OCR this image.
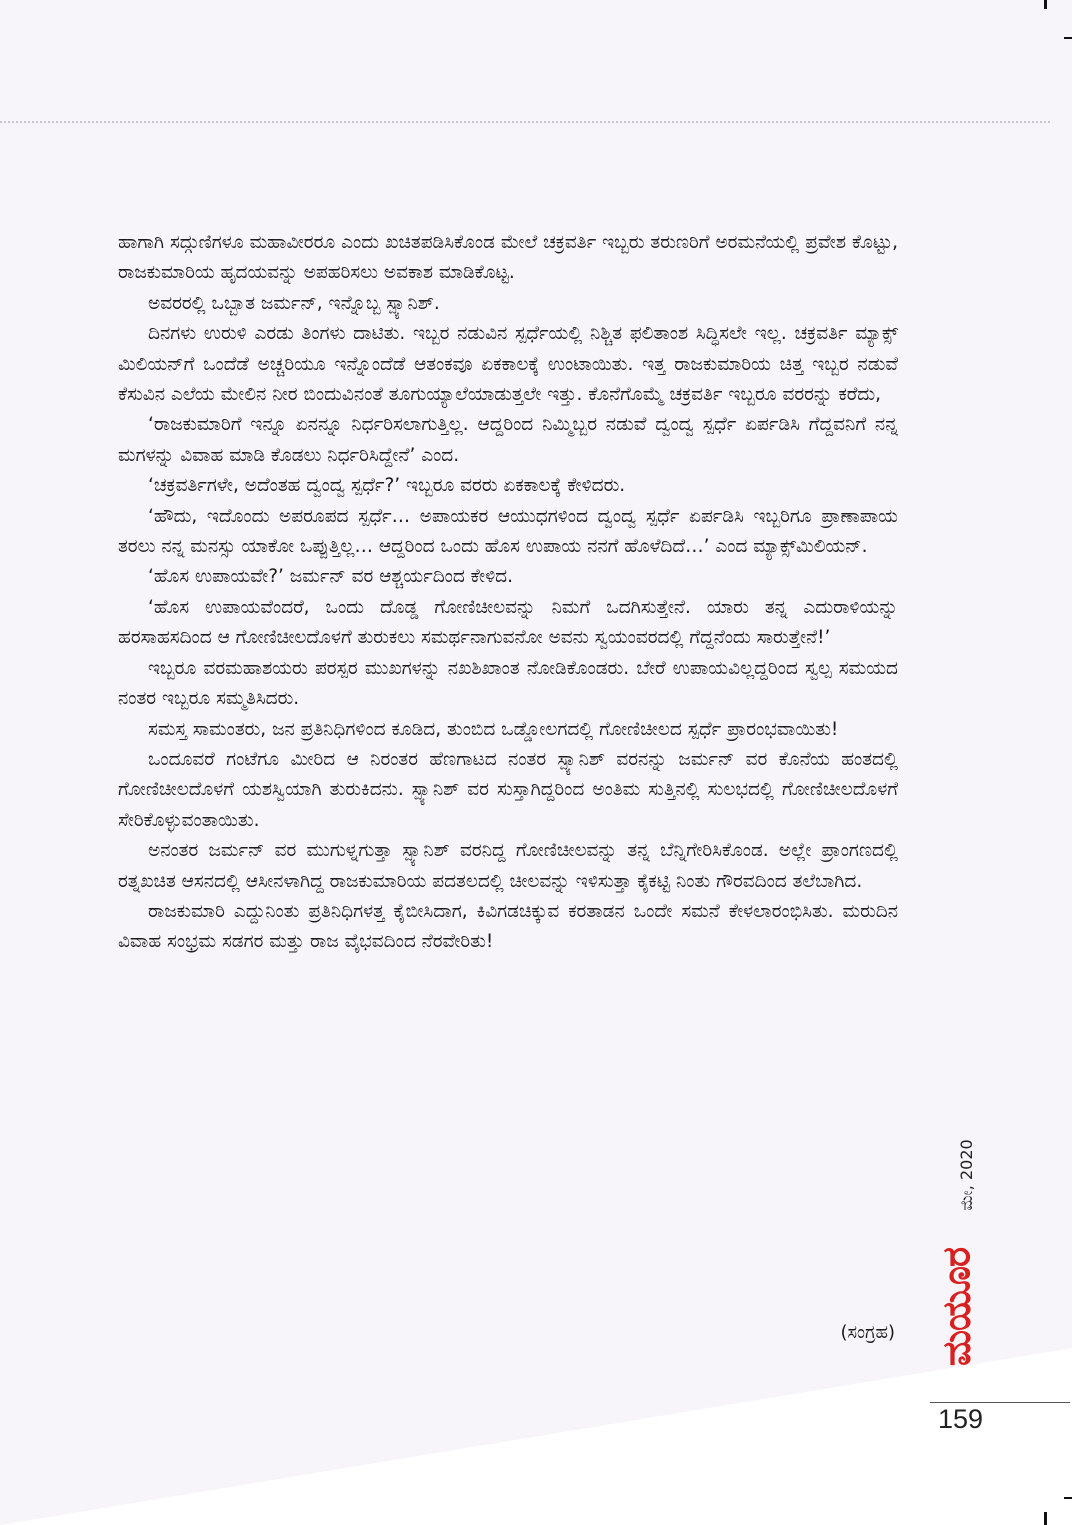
ಹಾಗಾಗಿ ಸದ್ಗುಣಿಗಳೂ ಮಹಾವೀರರೂ ಎಂದು ಖಚಿತಪಡಿಸಿಕೊಂಡ ಮೇಲೆ ಚಕ್ರವರ್ತಿ ಇಬ್ಬರು ತರುಣರಿಗೆ ಅರಮನೆಯಲ್ಲಿ ಪ್ರವೇಶ ಕೊಟ್ಟು, ರಾಜಕುಮಾರಿಯ ಹೃದಯವನ್ನು ಅಪಹರಿಸಲು ಅವಕಾಶ ಮಾಡಿಕೊಟ್ಟ.

ಅವರರಲ್ಲಿ ಒಬ್ಬಾತ ಜರ್ಮನ್, ಇನ್ನೊಬ್ಬ ಸ್ಪ್ಯಾನಿಶ್.

ದಿನಗಳು ಉರುಳಿ ಎರಡು ತಿಂಗಳು ದಾಟಿತು. ಇಬ್ಬರ ನಡುವಿನ ಸ್ಪರ್ಧೆಯಲ್ಲಿ ನಿಶ್ಚಿತ ಫಲಿತಾಂಶ ಸಿದ್ಧಿಸಲೇ ಇಲ್ಲ. ಚಕ್ರವರ್ತಿ ಮ್ಯಾಕ್ಸ್ ಮಿಲಿಯನ್‌ಗೆ ಒಂದೆಡೆ ಅಚ್ಚರಿಯೂ ಇನ್ನೊಂದೆಡೆ ಆತಂಕವೂ ಏಕಕಾಲಕ್ಕೆ ಉಂಟಾಯಿತು. ಇತ್ತ ರಾಜಕುಮಾರಿಯ ಚಿತ್ತ ಇಬ್ಬರ ನಡುವೆ ಕೆಸುವಿನ ಎಲೆಯ ಮೇಲಿನ ನೀರ ಬಿಂದುವಿನಂತೆ ತೂಗುಯ್ಯಾಲೆಯಾಡುತ್ತಲೇ ಇತ್ತು. ಕೊನೆಗೊಮ್ಮೆ ಚಕ್ರವರ್ತಿ ಇಬ್ಬರೂ ವರರನ್ನು ಕರೆದು,

‘ರಾಜಕುಮಾರಿಗೆ ಇನ್ನೂ ಏನನ್ನೂ ನಿರ್ಧರಿಸಲಾಗುತ್ತಿಲ್ಲ. ಆದ್ದರಿಂದ ನಿಮ್ಮಿಬ್ಬರ ನಡುವೆ ದ್ವಂದ್ವ ಸ್ಪರ್ಧೆ ಏರ್ಪಡಿಸಿ ಗೆದ್ದವನಿಗೆ ನನ್ನ ಮಗಳನ್ನು ವಿವಾಹ ಮಾಡಿ ಕೊಡಲು ನಿರ್ಧರಿಸಿದ್ದೇನೆ’ ಎಂದ.

‘ಚಕ್ರವರ್ತಿಗಳೇ, ಅದೆಂತಹ ದ್ವಂದ್ವ ಸ್ಪರ್ಧೆ?’ ಇಬ್ಬರೂ ವರರು ಏಕಕಾಲಕ್ಕೆ ಕೇಳಿದರು.

‘ಹೌದು, ಇದೊಂದು ಅಪರೂಪದ ಸ್ಪರ್ಧೆ… ಅಪಾಯಕರ ಆಯುಧಗಳಿಂದ ದ್ವಂದ್ವ ಸ್ಪರ್ಧೆ ಏರ್ಪಡಿಸಿ ಇಬ್ಬರಿಗೂ ಪ್ರಾಣಾಪಾಯ ತರಲು ನನ್ನ ಮನಸ್ಸು ಯಾಕೋ ಒಪ್ಪುತ್ತಿಲ್ಲ… ಆದ್ದರಿಂದ ಒಂದು ಹೊಸ ಉಪಾಯ ನನಗೆ ಹೊಳೆದಿದೆ…’ ಎಂದ ಮ್ಯಾಕ್ಸ್‌ಮಿಲಿಯನ್.

‘ಹೊಸ ಉಪಾಯವೇ?’ ಜರ್ಮನ್ ವರ ಆಶ್ಚರ್ಯದಿಂದ ಕೇಳಿದ.

‘ಹೊಸ ಉಪಾಯವೆಂದರೆ, ಒಂದು ದೊಡ್ಡ ಗೋಣಿಚೀಲವನ್ನು ನಿಮಗೆ ಒದಗಿಸುತ್ತೇನೆ. ಯಾರು ತನ್ನ ಎದುರಾಳಿಯನ್ನು ಹರಸಾಹಸದಿಂದ ಆ ಗೋಣಿಚೀಲದೊಳಗೆ ತುರುಕಲು ಸಮರ್ಥನಾಗುವನೋ ಅವನು ಸ್ವಯಂವರದಲ್ಲಿ ಗೆದ್ದನೆಂದು ಸಾರುತ್ತೇನೆ!’

ಇಬ್ಬರೂ ವರಮಹಾಶಯರು ಪರಸ್ಪರ ಮುಖಗಳನ್ನು ನಖಶಿಖಾಂತ ನೋಡಿಕೊಂಡರು. ಬೇರೆ ಉಪಾಯವಿಲ್ಲದ್ದರಿಂದ ಸ್ವಲ್ಪ ಸಮಯದ ನಂತರ ಇಬ್ಬರೂ ಸಮ್ಮತಿಸಿದರು.

ಸಮಸ್ತ ಸಾಮಂತರು, ಜನ ಪ್ರತಿನಿಧಿಗಳಿಂದ ಕೂಡಿದ, ತುಂಬಿದ ಒಡ್ಡೋಲಗದಲ್ಲಿ ಗೋಣಿಚೀಲದ ಸ್ಪರ್ಧೆ ಪ್ರಾರಂಭವಾಯಿತು!

ಒಂದೂವರೆ ಗಂಟೆಗೂ ಮೀರಿದ ಆ ನಿರಂತರ ಹೆಣಗಾಟದ ನಂತರ ಸ್ಪ್ಯಾನಿಶ್ ವರನನ್ನು ಜರ್ಮನ್ ವರ ಕೊನೆಯ ಹಂತದಲ್ಲಿ ಗೋಣಿಚೀಲದೊಳಗೆ ಯಶಸ್ವಿಯಾಗಿ ತುರುಕಿದನು. ಸ್ಪ್ಯಾನಿಶ್ ವರ ಸುಸ್ತಾಗಿದ್ದರಿಂದ ಅಂತಿಮ ಸುತ್ತಿನಲ್ಲಿ ಸುಲಭದಲ್ಲಿ ಗೋಣಿಚೀಲದೊಳಗೆ ಸೇರಿಕೊಳ್ಳುವಂತಾಯಿತು.

ಅನಂತರ ಜರ್ಮನ್ ವರ ಮುಗುಳ್ನಗುತ್ತಾ ಸ್ಪ್ಯಾನಿಶ್ ವರನಿದ್ದ ಗೋಣಿಚೀಲವನ್ನು ತನ್ನ ಬೆನ್ನಿಗೇರಿಸಿಕೊಂಡ. ಅಲ್ಲೇ ಪ್ರಾಂಗಣದಲ್ಲಿ ರತ್ನಖಚಿತ ಆಸನದಲ್ಲಿ ಆಸೀನಳಾಗಿದ್ದ ರಾಜಕುಮಾರಿಯ ಪದತಲದಲ್ಲಿ ಚೀಲವನ್ನು ಇಳಿಸುತ್ತಾ ಕೈಕಟ್ಟಿ ನಿಂತು ಗೌರವದಿಂದ ತಲೆಬಾಗಿದ.

ರಾಜಕುಮಾರಿ ಎದ್ದುನಿಂತು ಪ್ರತಿನಿಧಿಗಳತ್ತ ಕೈಬೀಸಿದಾಗ, ಕಿವಿಗಡಚಿಕ್ಕುವ ಕರತಾಡನ ಒಂದೇ ಸಮನೆ ಕೇಳಲಾರಂಭಿಸಿತು. ಮರುದಿನ ವಿವಾಹ ಸಂಭ್ರಮ ಸಡಗರ ಮತ್ತು ರಾಜ ವೈಭವದಿಂದ ನೆರವೇರಿತು!

(ಸಂಗ್ರಹ)
ಮೇ, 2020
ಮಯೂರ
159
